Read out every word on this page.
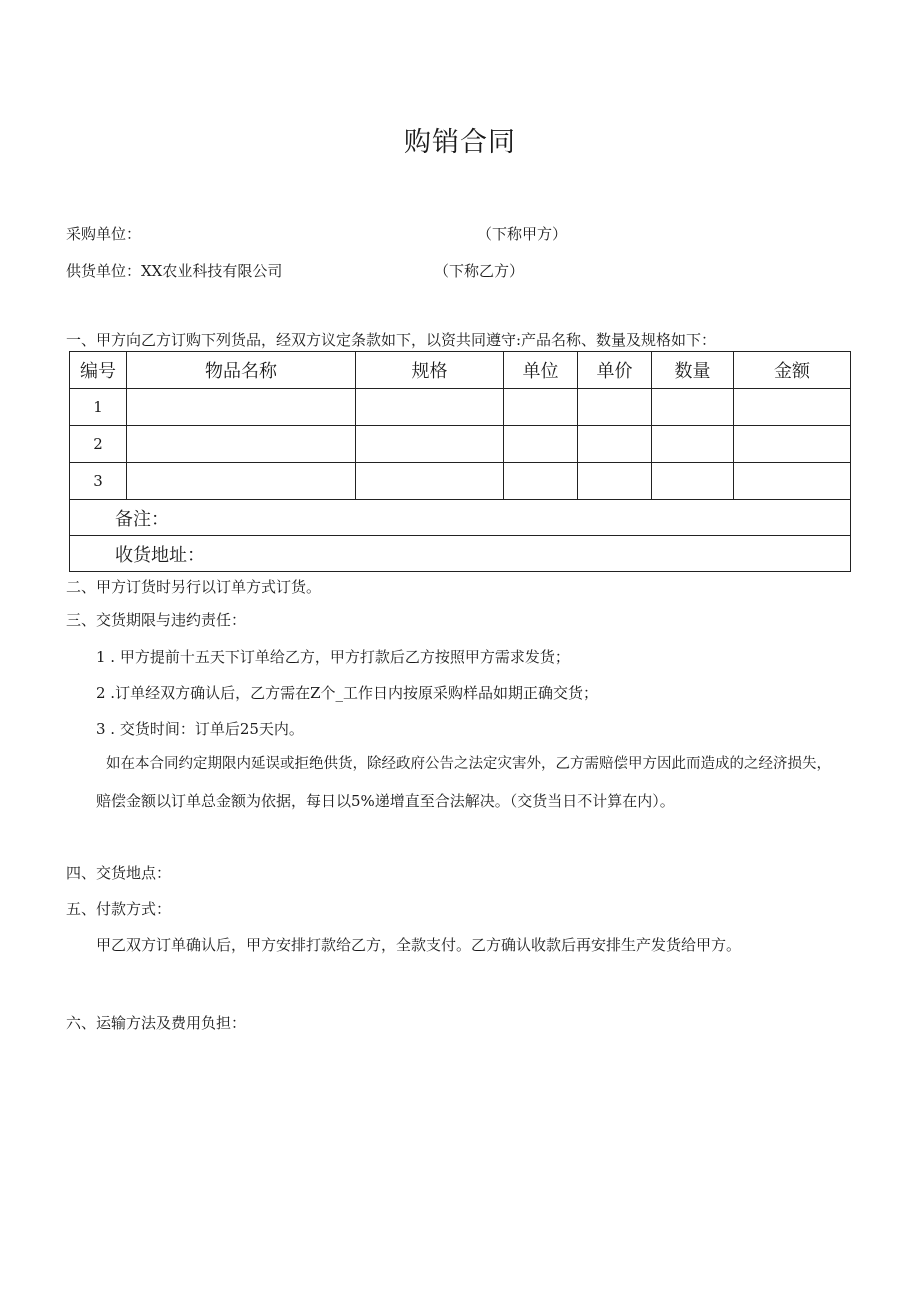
购销合同
采购单位：	（下称甲方）
供货单位：XX农业科技有限公司	（下称乙方）
一、甲方向乙方订购下列货品，经双方议定条款如下，以资共同遵守:产品名称、数量及规格如下：
编号	物品名称	规格	单位	单价	数量	金额
1						
2						
3						
备注：						
收货地址：						
二、甲方订货时另行以订单方式订货。
三、交货期限与违约责任：
1 . 甲方提前十五天下订单给乙方，甲方打款后乙方按照甲方需求发货；
2 .订单经双方确认后，乙方需在Z个_工作日内按原采购样品如期正确交货；
3 . 交货时间：订单后25天内。
如在本合同约定期限内延误或拒绝供货，除经政府公告之法定灾害外，乙方需赔偿甲方因此而造成的之经济损失，
赔偿金额以订单总金额为依据，每日以5%递增直至合法解决。（交货当日不计算在内）。
四、交货地点：
五、付款方式：
甲乙双方订单确认后，甲方安排打款给乙方，全款支付。乙方确认收款后再安排生产发货给甲方。
六、运输方法及费用负担：
